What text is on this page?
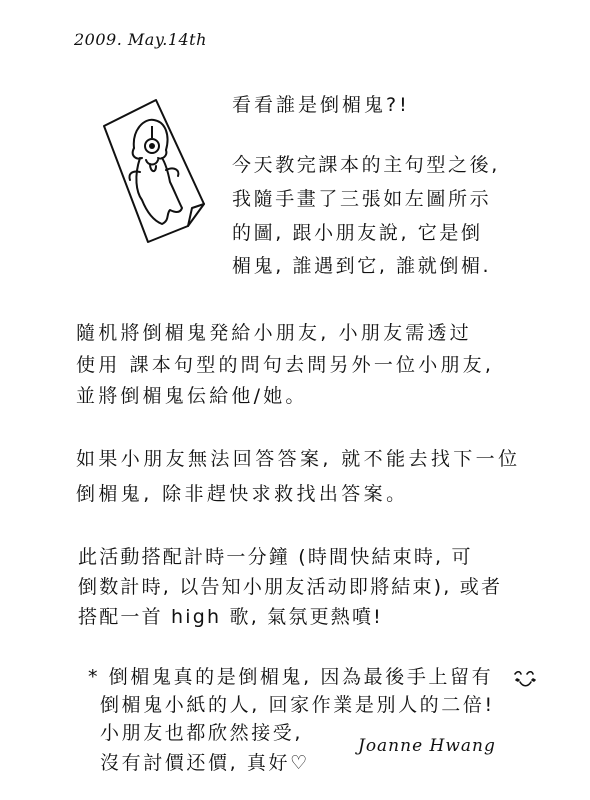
2009. May.14th
看看誰是倒楣鬼?!
今天教完課本的主句型之後,
我隨手畫了三張如左圖所示
的圖, 跟小朋友說, 它是倒
楣鬼, 誰遇到它, 誰就倒楣.
隨机將倒楣鬼発給小朋友, 小朋友需透过
使用 課本句型的問句去問另外一位小朋友,
並將倒楣鬼伝給他/她。
如果小朋友無法回答答案, 就不能去找下一位
倒楣鬼, 除非趕快求救找出答案。
此活動搭配計時一分鐘 (時間快結束時, 可
倒数計時, 以告知小朋友活动即將結束), 或者
搭配一首 high 歌, 氣氛更熱噴!
* 倒楣鬼真的是倒楣鬼, 因為最後手上留有
倒楣鬼小紙的人, 回家作業是別人的二倍!
小朋友也都欣然接受,
沒有討價还價, 真好♡
Joanne Hwang
